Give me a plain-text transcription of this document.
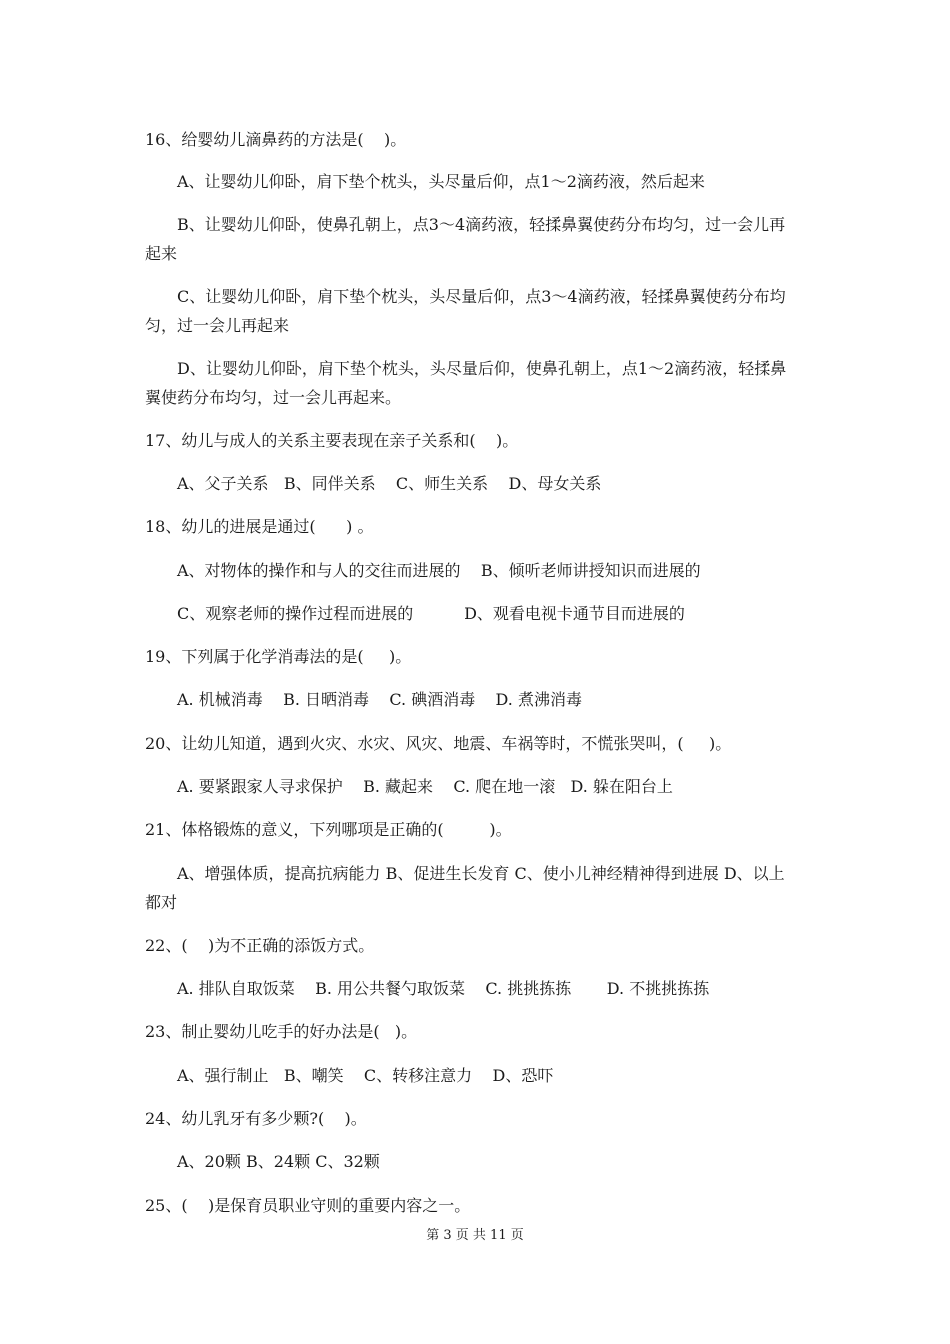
16、给婴幼儿滴鼻药的方法是(    )。
A、让婴幼儿仰卧，肩下垫个枕头，头尽量后仰，点1～2滴药液，然后起来
B、让婴幼儿仰卧，使鼻孔朝上，点3～4滴药液，轻揉鼻翼使药分布均匀，过一会儿再
起来
C、让婴幼儿仰卧，肩下垫个枕头，头尽量后仰，点3～4滴药液，轻揉鼻翼使药分布均
匀，过一会儿再起来
D、让婴幼儿仰卧，肩下垫个枕头，头尽量后仰，使鼻孔朝上，点1～2滴药液，轻揉鼻
翼使药分布均匀，过一会儿再起来。
17、幼儿与成人的关系主要表现在亲子关系和(    )。
A、父子关系   B、同伴关系    C、师生关系    D、母女关系
18、幼儿的进展是通过(      ) 。
A、对物体的操作和与人的交往而进展的    B、倾听老师讲授知识而进展的
C、观察老师的操作过程而进展的          D、观看电视卡通节目而进展的
19、下列属于化学消毒法的是(     )。
A. 机械消毒    B. 日晒消毒    C. 碘酒消毒    D. 煮沸消毒
20、让幼儿知道，遇到火灾、水灾、风灾、地震、车祸等时，不慌张哭叫，(     )。
A. 要紧跟家人寻求保护    B. 藏起来    C. 爬在地一滚   D. 躲在阳台上
21、体格锻炼的意义，下列哪项是正确的(         )。
A、增强体质，提高抗病能力 B、促进生长发育 C、使小儿神经精神得到进展 D、以上
都对
22、(    )为不正确的添饭方式。
A. 排队自取饭菜    B. 用公共餐勺取饭菜    C. 挑挑拣拣       D. 不挑挑拣拣
23、制止婴幼儿吃手的好办法是(   )。
A、强行制止   B、嘲笑    C、转移注意力    D、恐吓
24、幼儿乳牙有多少颗?(    )。
A、20颗 B、24颗 C、32颗
25、(    )是保育员职业守则的重要内容之一。
第 3 页 共 11 页
